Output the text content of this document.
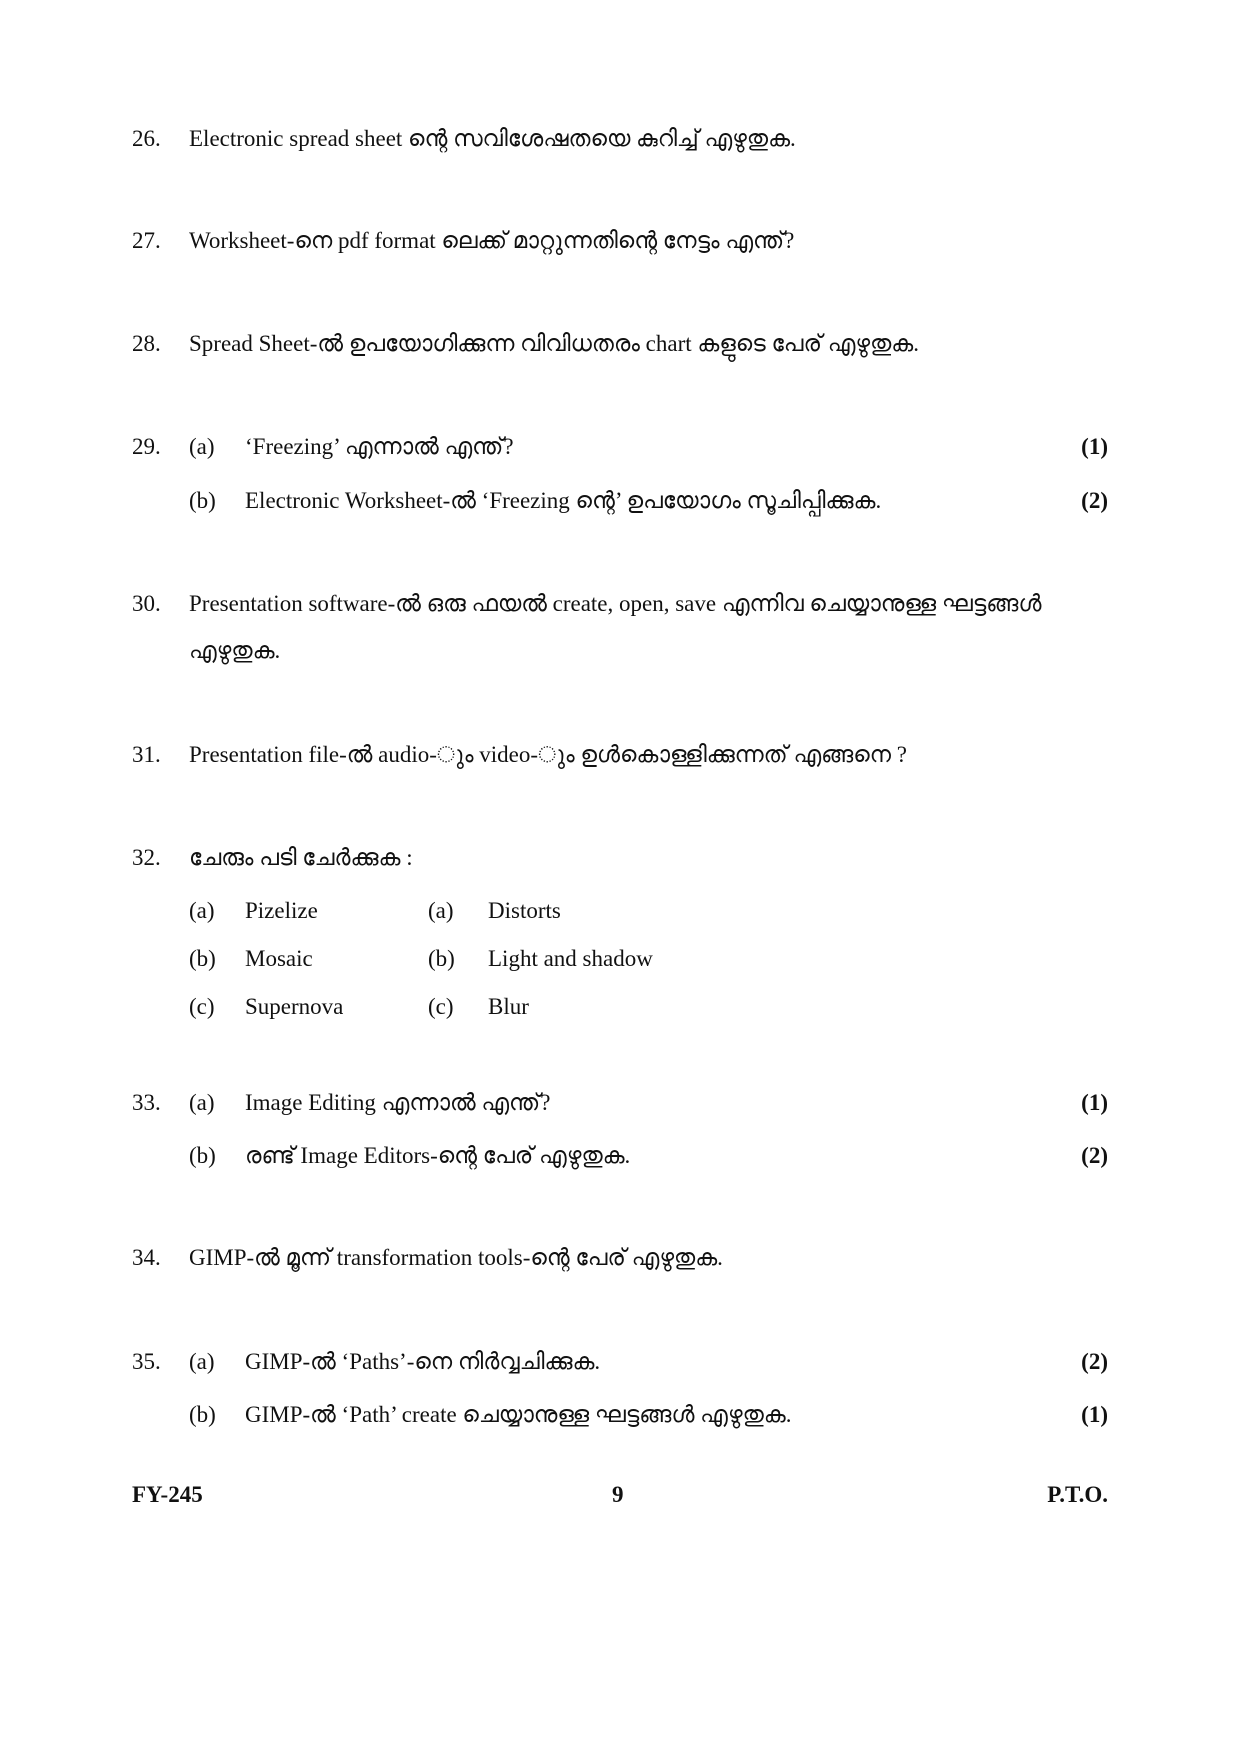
26. Electronic spread sheet ന്റെ സവിശേഷതയെ കുറിച്ച് എഴുതുക.
27. Worksheet-നെ pdf format ലെക്ക് മാറ്റുന്നതിന്റെ നേട്ടം എന്ത്?
28. Spread Sheet-ൽ ഉപയോഗിക്കുന്ന വിവിധതരം chart കളുടെ പേര് എഴുതുക.
29. (a) ‘Freezing’ എന്നാൽ എന്ത്?	(1)
(b) Electronic Worksheet-ൽ ‘Freezing ന്റെ’ ഉപയോഗം സൂചിപ്പിക്കുക.	(2)
30. Presentation software-ൽ ഒരു ഫയൽ create, open, save എന്നിവ ചെയ്യാനുള്ള ഘട്ടങ്ങൾ
എഴുതുക.
31. Presentation file-ൽ audio-ും video-ും ഉൾകൊള്ളിക്കുന്നത് എങ്ങനെ ?
32. ചേരും പടി ചേർക്കുക :
(a) Pizelize	(a) Distorts
(b) Mosaic	(b) Light and shadow
(c) Supernova	(c) Blur
33. (a) Image Editing എന്നാൽ എന്ത്?	(1)
(b) രണ്ട് Image Editors-ന്റെ പേര് എഴുതുക.	(2)
34. GIMP-ൽ മൂന്ന് transformation tools-ന്റെ പേര് എഴുതുക.
35. (a) GIMP-ൽ ‘Paths’-നെ നിർവ്വചിക്കുക.	(2)
(b) GIMP-ൽ ‘Path’ create ചെയ്യാനുള്ള ഘട്ടങ്ങൾ എഴുതുക.	(1)
FY-245	9	P.T.O.
